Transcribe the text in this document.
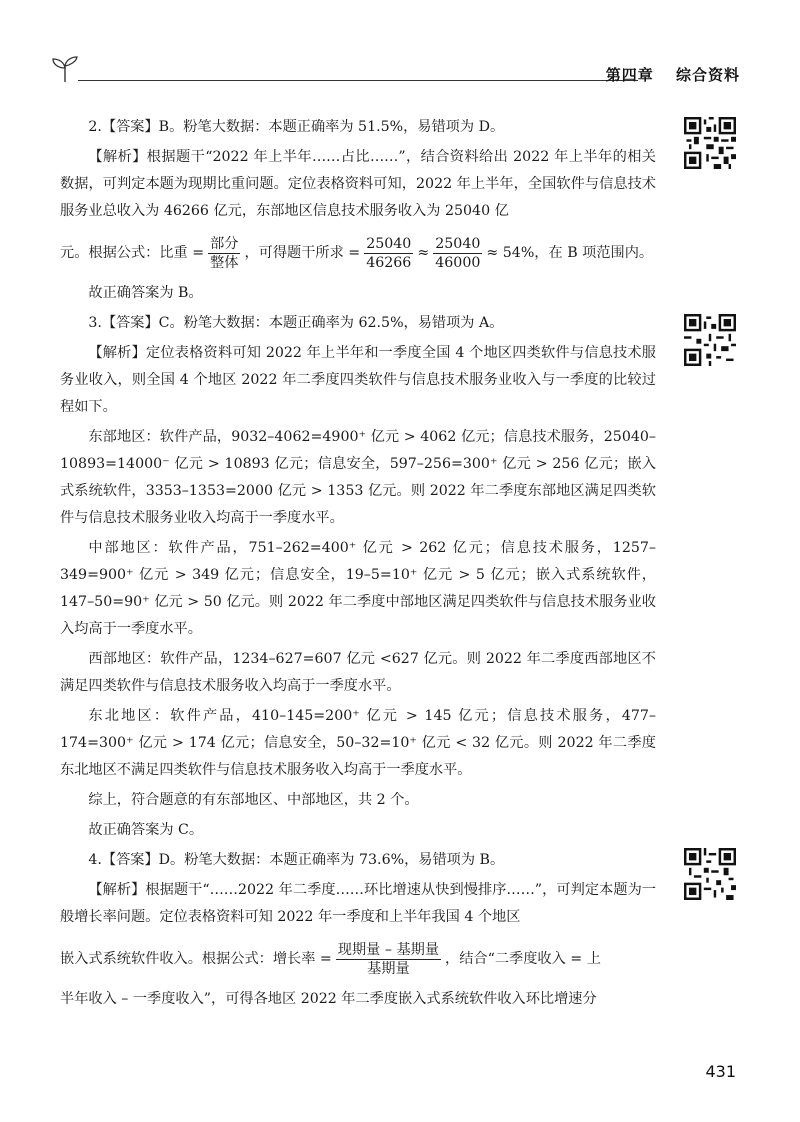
第四章 综合资料

2.【答案】B。粉笔大数据：本题正确率为 51.5%，易错项为 D。

【解析】根据题干“2022 年上半年……占比……”，结合资料给出 2022 年上半年的相关数据，可判定本题为现期比重问题。定位表格资料可知，2022 年上半年，全国软件与信息技术服务业总收入为 46266 亿元，东部地区信息技术服务收入为 25040 亿

元。根据公式：比重 = $\frac{\text{部分}}{\text{整体}}$ ，可得题干所求 = $\frac{25040}{46266} \approx \frac{25040}{46000} \approx 54\%$，在 B 项范围内。

故正确答案为 B。

3.【答案】C。粉笔大数据：本题正确率为 62.5%，易错项为 A。

【解析】定位表格资料可知 2022 年上半年和一季度全国 4 个地区四类软件与信息技术服务业收入，则全国 4 个地区 2022 年二季度四类软件与信息技术服务业收入与一季度的比较过程如下。

东部地区：软件产品，9032–4062=4900⁺ 亿元 > 4062 亿元；信息技术服务，25040–10893=14000⁻ 亿元 > 10893 亿元；信息安全，597–256=300⁺ 亿元 > 256 亿元；嵌入式系统软件，3353–1353=2000 亿元 > 1353 亿元。则 2022 年二季度东部地区满足四类软件与信息技术服务业收入均高于一季度水平。

中部地区：软件产品，751–262=400⁺ 亿元 > 262 亿元；信息技术服务，1257–349=900⁺ 亿元 > 349 亿元；信息安全，19–5=10⁺ 亿元 > 5 亿元；嵌入式系统软件，147–50=90⁺ 亿元 > 50 亿元。则 2022 年二季度中部地区满足四类软件与信息技术服务业收入均高于一季度水平。

西部地区：软件产品，1234–627=607 亿元 <627 亿元。则 2022 年二季度西部地区不满足四类软件与信息技术服务收入均高于一季度水平。

东北地区：软件产品，410–145=200⁺ 亿元 > 145 亿元；信息技术服务，477–174=300⁺ 亿元 > 174 亿元；信息安全，50–32=10⁺ 亿元 < 32 亿元。则 2022 年二季度东北地区不满足四类软件与信息技术服务收入均高于一季度水平。

综上，符合题意的有东部地区、中部地区，共 2 个。

故正确答案为 C。

4.【答案】D。粉笔大数据：本题正确率为 73.6%，易错项为 B。

【解析】根据题干“……2022 年二季度……环比增速从快到慢排序……”，可判定本题为一般增长率问题。定位表格资料可知 2022 年一季度和上半年我国 4 个地区

嵌入式系统软件收入。根据公式：增长率 = $\frac{\text{现期量 – 基期量}}{\text{基期量}}$ ，结合“二季度收入 = 上

半年收入 – 一季度收入”，可得各地区 2022 年二季度嵌入式系统软件收入环比增速分

431
